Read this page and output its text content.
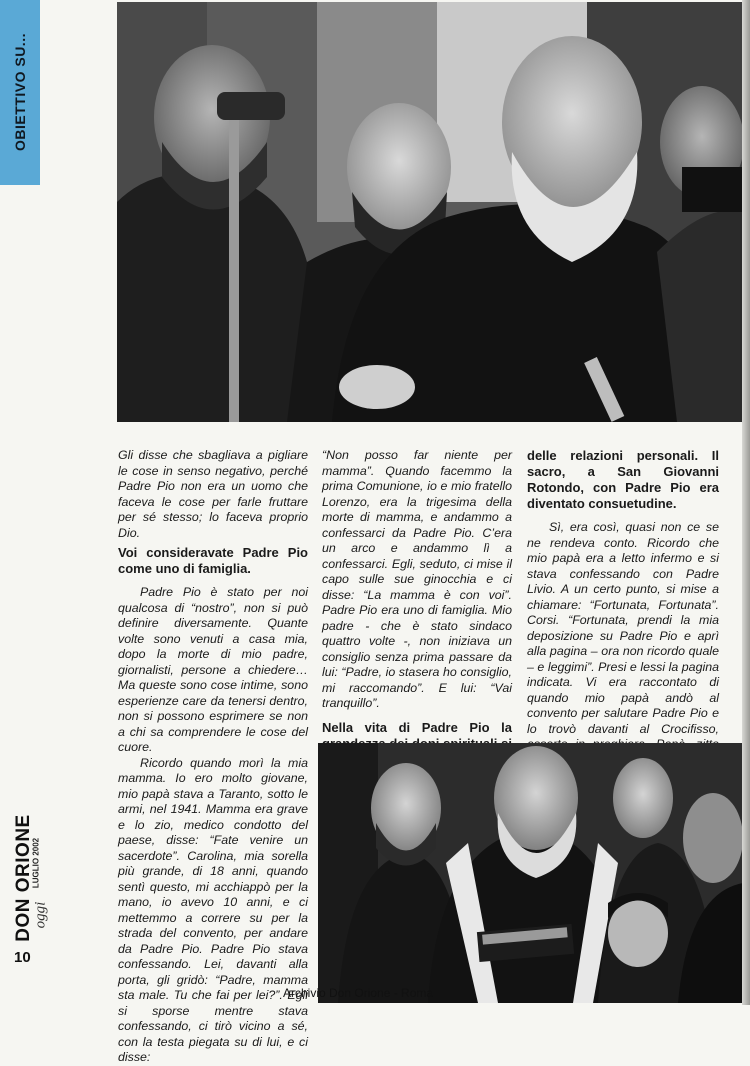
OBIETTIVO SU...

Gli disse che sbagliava a pigliare le cose in senso negativo, perché Padre Pio non era un uomo che faceva le cose per farle fruttare per sé stesso; lo faceva proprio Dio.

Voi consideravate Padre Pio come uno di famiglia.

Padre Pio è stato per noi qualcosa di “nostro”, non si può definire diversamente. Quante volte sono venuti a casa mia, dopo la morte di mio padre, giornalisti, persone a chiedere… Ma queste sono cose intime, sono esperienze care da tenersi dentro, non si possono esprimere se non a chi sa comprendere le cose del cuore.

Ricordo quando morì la mia mamma. Io ero molto giovane, mio papà stava a Taranto, sotto le armi, nel 1941. Mamma era grave e lo zio, medico condotto del paese, disse: “Fate venire un sacerdote”. Carolina, mia sorella più grande, di 18 anni, quando sentì questo, mi acchiappò per la mano, io avevo 10 anni, e ci mettemmo a correre su per la strada del convento, per andare da Padre Pio. Padre Pio stava confessando. Lei, davanti alla porta, gli gridò: “Padre, mamma sta male. Tu che fai per lei?”. Egli si sporse mentre stava confessando, ci tirò vicino a sé, con la testa piegata su di lui, e ci disse:

“Non posso far niente per mamma”. Quando facemmo la prima Comunione, io e mio fratello Lorenzo, era la trigesima della morte di mamma, e andammo a confessarci da Padre Pio. C’era un arco e andammo lì a confessarci. Egli, seduto, ci mise il capo sulle sue ginocchia e ci disse: “La mamma è con voi”. Padre Pio era uno di famiglia. Mio padre - che è stato sindaco quattro volte -, non iniziava un consiglio senza prima passare da lui: “Padre, io stasera ho consiglio, mi raccomando”. E lui: “Vai tranquillo”.

Nella vita di Padre Pio la

delle relazioni personali. Il sacro, a San Giovanni Rotondo, con Padre Pio era diventato consuetudine.

Sì, era così, quasi non ce se ne rendeva conto. Ricordo che mio papà era a letto infermo e si stava confessando con Padre Livio. A un certo punto, si mise a chiamare: “Fortunata, Fortunata”. Corsi. “Fortunata, prendi la mia deposizione su Padre Pio e aprì alla pagina – ora non ricordo quale – e leggimi”. Presi e lessi la pagina indicata. Vi era raccontato di quando mio papà andò al convento per salutare Padre Pio e lo trovò davanti al Crocifisso,

DON ORIONE
LUGLIO 2002
oggi
10
Archivio Don Orione - Roma
